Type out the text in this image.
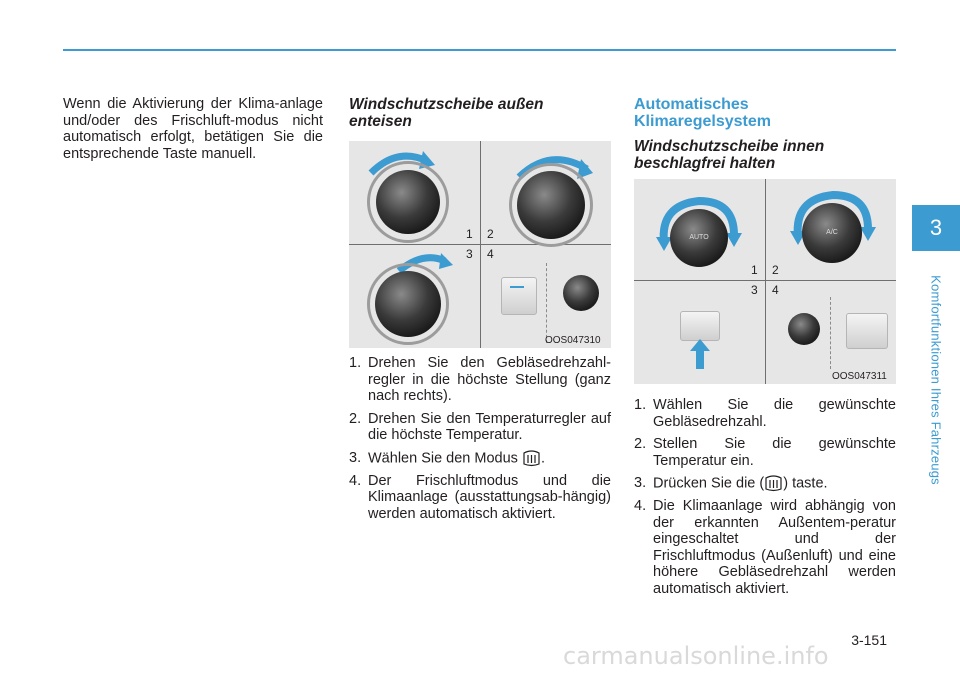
3
Komfortfunktionen Ihres Fahrzeugs
Wenn die Aktivierung der Klima-anlage und/oder des Frischluft-modus nicht automatisch erfolgt, betätigen Sie die entsprechende Taste manuell.
Windschutzscheibe außen
enteisen
1 2
3 4
OOS047310
1. Drehen Sie den Gebläsedrehzahl-regler in die höchste Stellung (ganz nach rechts).
2. Drehen Sie den Temperaturregler auf die höchste Temperatur.
3. Wählen Sie den Modus .
4. Der Frischluftmodus und die Klimaanlage (ausstattungsab-hängig) werden automatisch aktiviert.
Automatisches
Klimaregelsystem
Windschutzscheibe innen
beschlagfrei halten
AUTO
A/C
1 2
3 4
OOS047311
1. Wählen Sie die gewünschte Gebläsedrehzahl.
2. Stellen Sie die gewünschte Temperatur ein.
3. Drücken Sie die ( ) taste.
4. Die Klimaanlage wird abhängig von der erkannten Außentem-peratur eingeschaltet und der Frischluftmodus (Außenluft) und eine höhere Gebläsedrehzahl werden automatisch aktiviert.
3-151
carmanualsonline.info
